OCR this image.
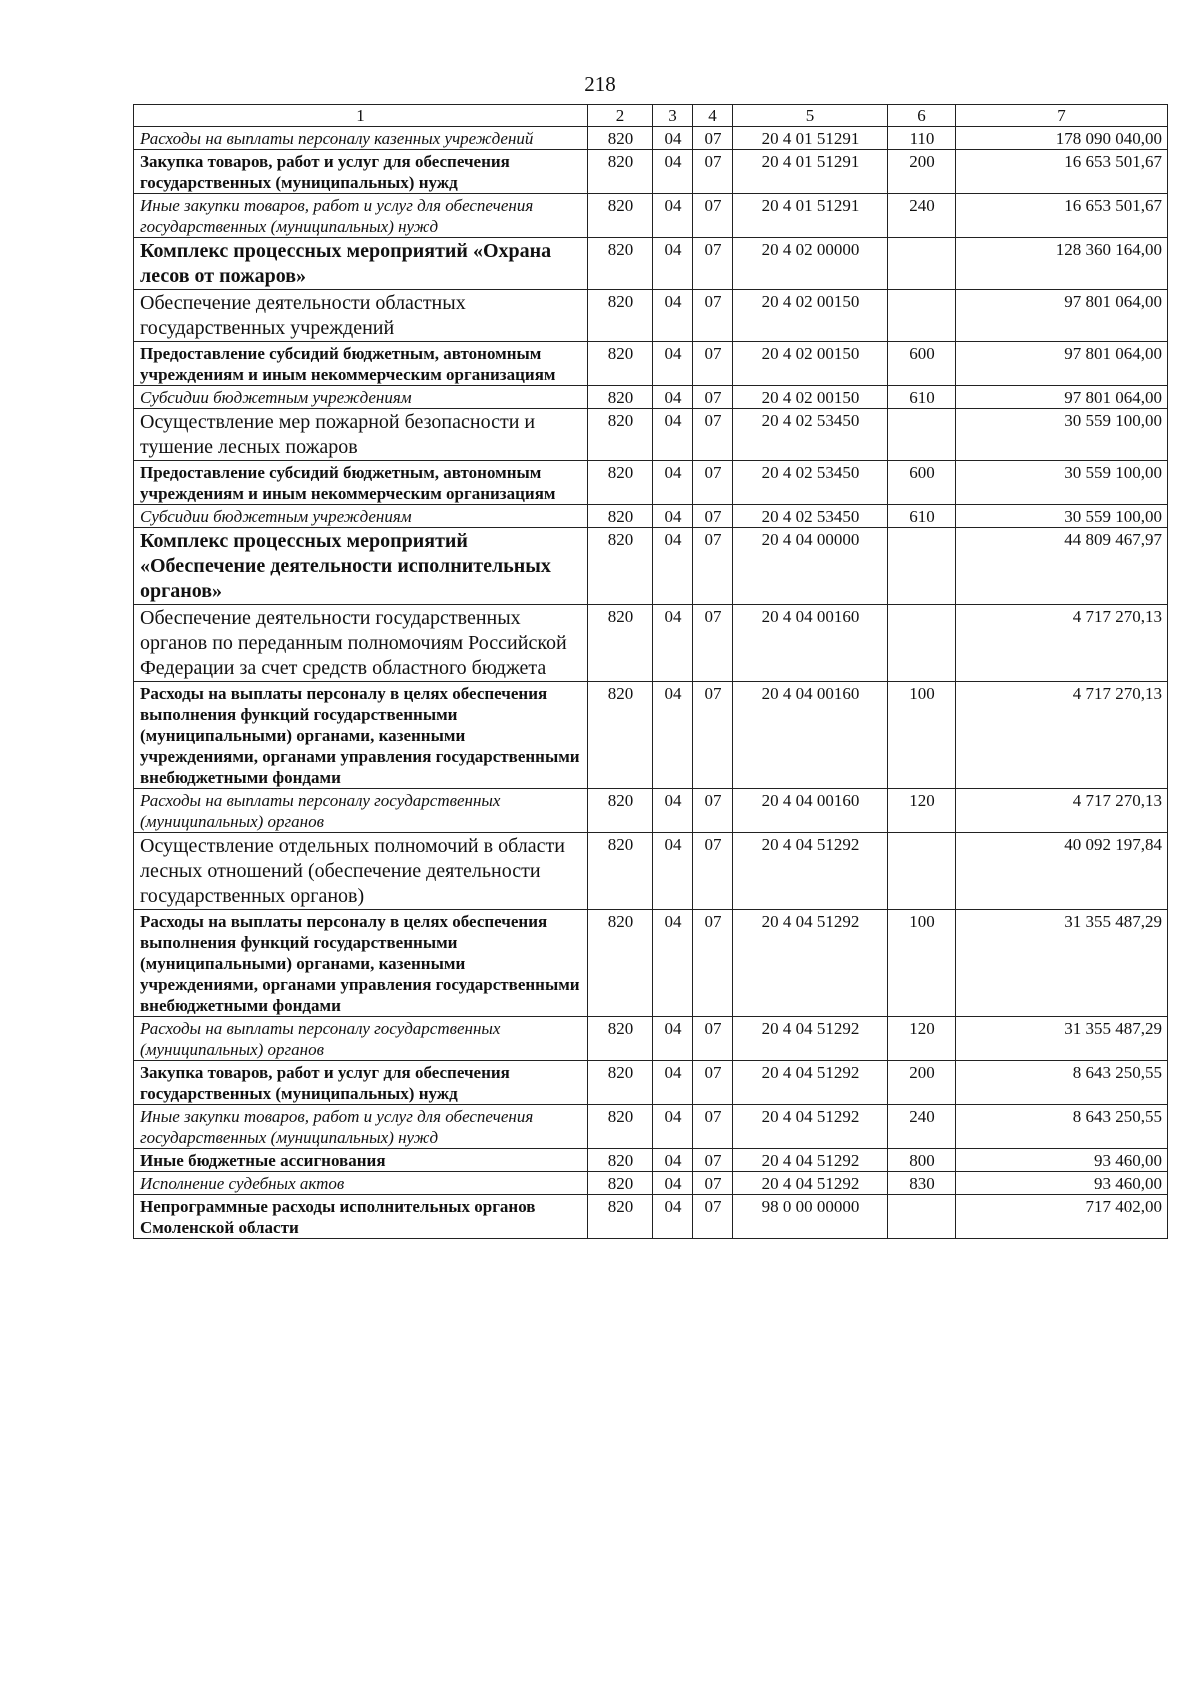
218
1	2	3	4	5	6	7
Расходы на выплаты персоналу казенных учреждений	820	04	07	20 4 01 51291	110	178 090 040,00
Закупка товаров, работ и услуг для обеспечения государственных (муниципальных) нужд	820	04	07	20 4 01 51291	200	16 653 501,67
Иные закупки товаров, работ и услуг для обеспечения государственных (муниципальных) нужд	820	04	07	20 4 01 51291	240	16 653 501,67
Комплекс процессных мероприятий «Охрана лесов от пожаров»	820	04	07	20 4 02 00000		128 360 164,00
Обеспечение деятельности областных государственных учреждений	820	04	07	20 4 02 00150		97 801 064,00
Предоставление субсидий бюджетным, автономным учреждениям и иным некоммерческим организациям	820	04	07	20 4 02 00150	600	97 801 064,00
Субсидии бюджетным учреждениям	820	04	07	20 4 02 00150	610	97 801 064,00
Осуществление мер пожарной безопасности и тушение лесных пожаров	820	04	07	20 4 02 53450		30 559 100,00
Предоставление субсидий бюджетным, автономным учреждениям и иным некоммерческим организациям	820	04	07	20 4 02 53450	600	30 559 100,00
Субсидии бюджетным учреждениям	820	04	07	20 4 02 53450	610	30 559 100,00
Комплекс процессных мероприятий «Обеспечение деятельности исполнительных органов»	820	04	07	20 4 04 00000		44 809 467,97
Обеспечение деятельности государственных органов по переданным полномочиям Российской Федерации за счет средств областного бюджета	820	04	07	20 4 04 00160		4 717 270,13
Расходы на выплаты персоналу в целях обеспечения выполнения функций государственными (муниципальными) органами, казенными учреждениями, органами управления государственными внебюджетными фондами	820	04	07	20 4 04 00160	100	4 717 270,13
Расходы на выплаты персоналу государственных (муниципальных) органов	820	04	07	20 4 04 00160	120	4 717 270,13
Осуществление отдельных полномочий в области лесных отношений (обеспечение деятельности государственных органов)	820	04	07	20 4 04 51292		40 092 197,84
Расходы на выплаты персоналу в целях обеспечения выполнения функций государственными (муниципальными) органами, казенными учреждениями, органами управления государственными внебюджетными фондами	820	04	07	20 4 04 51292	100	31 355 487,29
Расходы на выплаты персоналу государственных (муниципальных) органов	820	04	07	20 4 04 51292	120	31 355 487,29
Закупка товаров, работ и услуг для обеспечения государственных (муниципальных) нужд	820	04	07	20 4 04 51292	200	8 643 250,55
Иные закупки товаров, работ и услуг для обеспечения государственных (муниципальных) нужд	820	04	07	20 4 04 51292	240	8 643 250,55
Иные бюджетные ассигнования	820	04	07	20 4 04 51292	800	93 460,00
Исполнение судебных актов	820	04	07	20 4 04 51292	830	93 460,00
Непрограммные расходы исполнительных органов Смоленской области	820	04	07	98 0 00 00000		717 402,00
